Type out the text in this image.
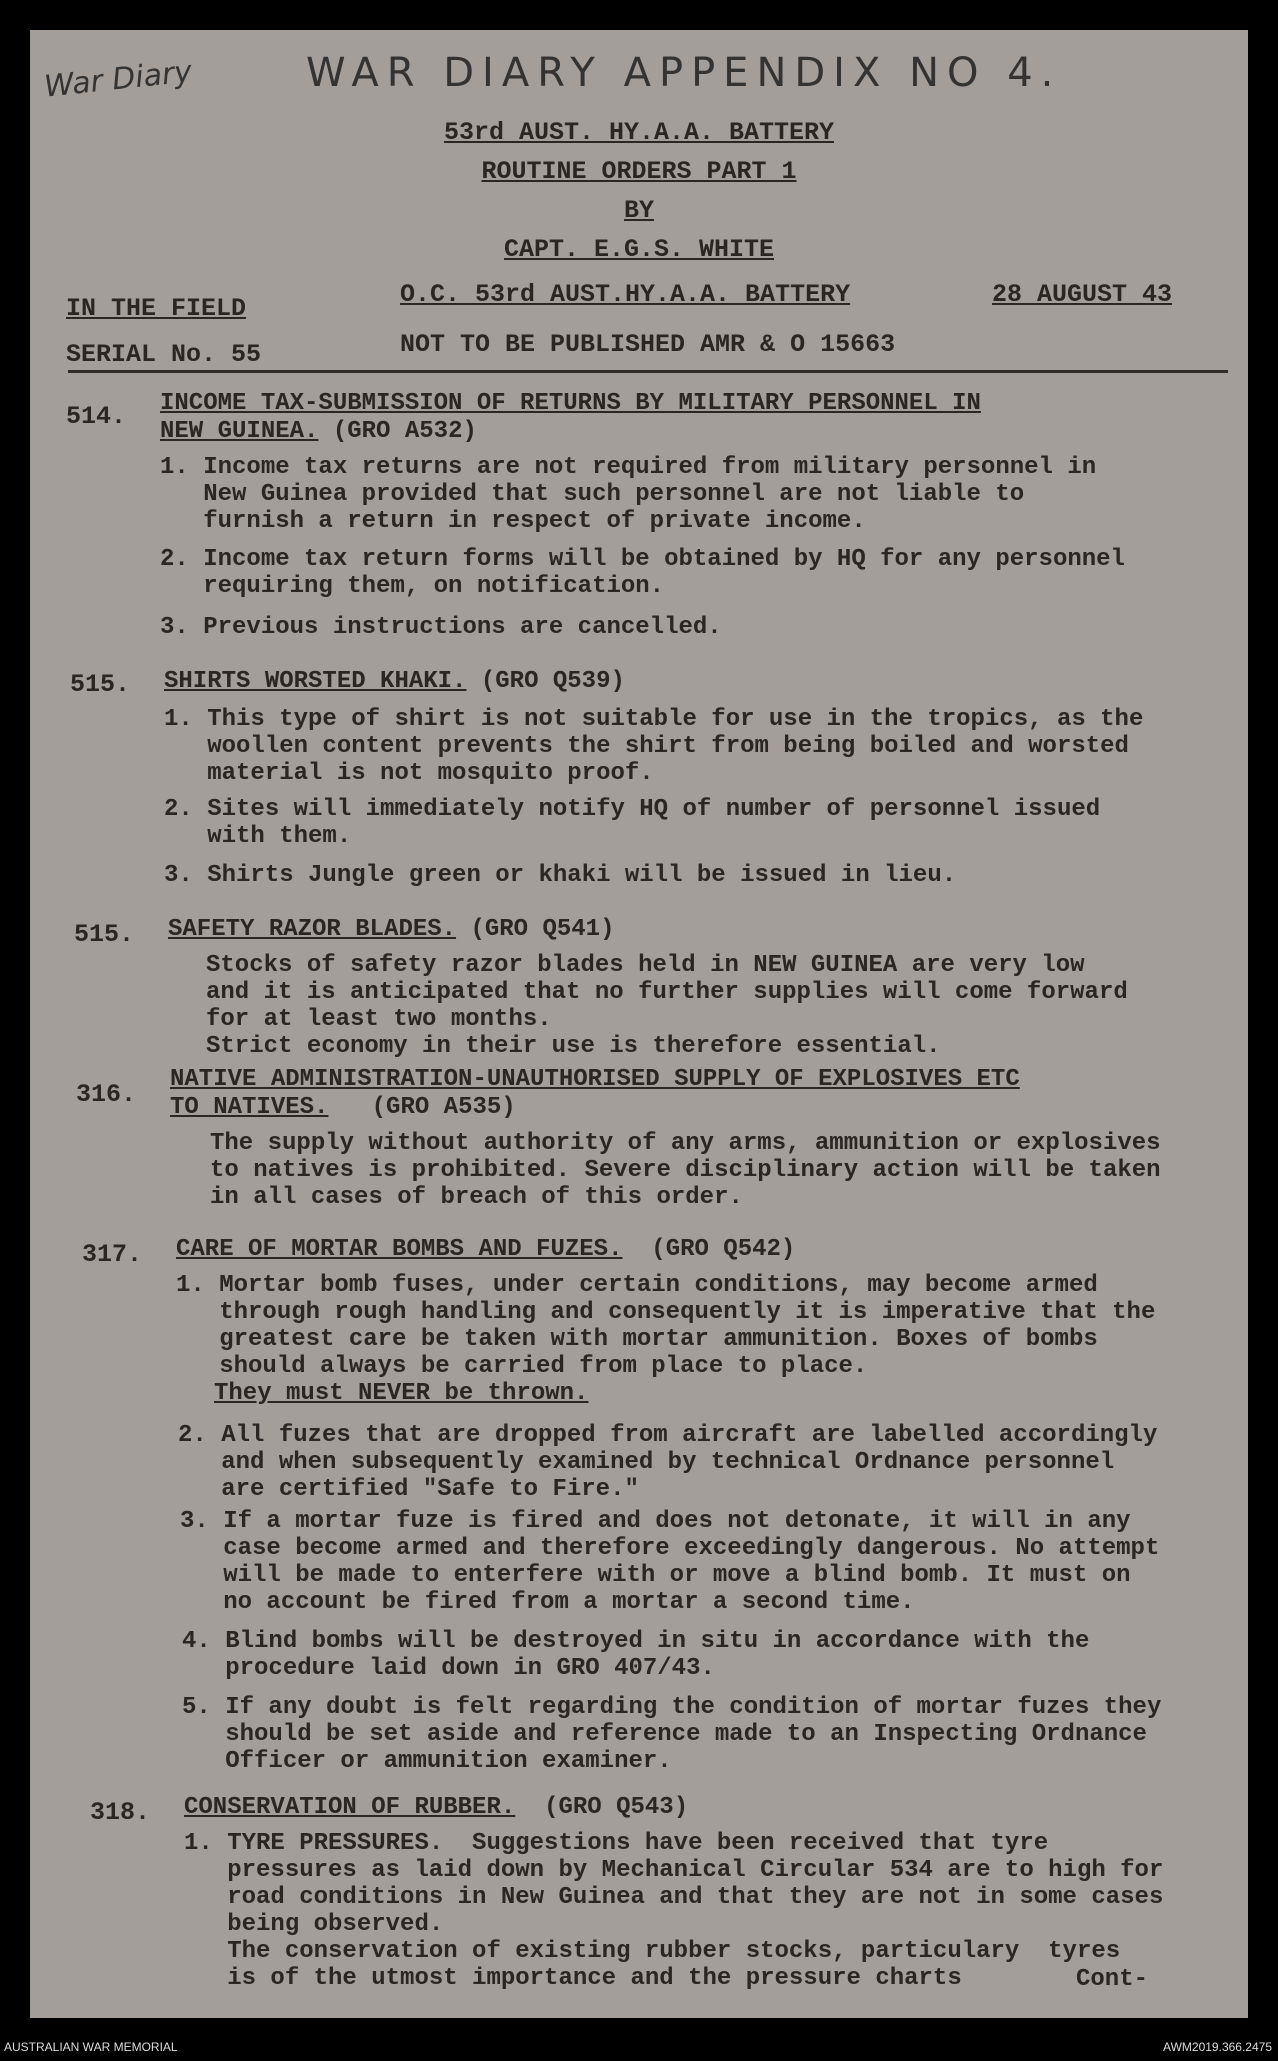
War Diary	WAR DIARY APPENDIX NO 4.
53rd AUST. HY.A.A. BATTERY
ROUTINE ORDERS PART 1
BY
CAPT. E.G.S. WHITE
IN THE FIELD	O.C. 53rd AUST.HY.A.A. BATTERY	28 AUGUST 43
SERIAL No. 55	NOT TO BE PUBLISHED AMR & O 15663
514. INCOME TAX-SUBMISSION OF RETURNS BY MILITARY PERSONNEL IN
NEW GUINEA. (GRO A532)
1. Income tax returns are not required from military personnel in
New Guinea provided that such personnel are not liable to
furnish a return in respect of private income.
2. Income tax return forms will be obtained by HQ for any personnel
requiring them, on notification.
3. Previous instructions are cancelled.
515. SHIRTS WORSTED KHAKI. (GRO Q539)
1. This type of shirt is not suitable for use in the tropics, as the
woollen content prevents the shirt from being boiled and worsted
material is not mosquito proof.
2. Sites will immediately notify HQ of number of personnel issued
with them.
3. Shirts Jungle green or khaki will be issued in lieu.
515. SAFETY RAZOR BLADES. (GRO Q541)
Stocks of safety razor blades held in NEW GUINEA are very low
and it is anticipated that no further supplies will come forward
for at least two months.
Strict economy in their use is therefore essential.
316.
NATIVE ADMINISTRATION-UNAUTHORISED SUPPLY OF EXPLOSIVES ETC
TO NATIVES. (GRO A535)
The supply without authority of any arms, ammunition or explosives
to natives is prohibited. Severe disciplinary action will be taken
in all cases of breach of this order.
317. CARE OF MORTAR BOMBS AND FUZES. (GRO Q542)
1. Mortar bomb fuses, under certain conditions, may become armed
through rough handling and consequently it is imperative that the
greatest care be taken with mortar ammunition. Boxes of bombs
should always be carried from place to place.
They must NEVER be thrown.
2. All fuzes that are dropped from aircraft are labelled accordingly
and when subsequently examined by technical Ordnance personnel
are certified "Safe to Fire."
3. If a mortar fuze is fired and does not detonate, it will in any
case become armed and therefore exceedingly dangerous. No attempt
will be made to enterfere with or move a blind bomb. It must on
no account be fired from a mortar a second time.
4. Blind bombs will be destroyed in situ in accordance with the
procedure laid down in GRO 407/43.
5. If any doubt is felt regarding the condition of mortar fuzes they
should be set aside and reference made to an Inspecting Ordnance
Officer or ammunition examiner.
318. CONSERVATION OF RUBBER. (GRO Q543)
1. TYRE PRESSURES.  Suggestions have been received that tyre
pressures as laid down by Mechanical Circular 534 are to high for
road conditions in New Guinea and that they are not in some cases
being observed.
The conservation of existing rubber stocks, particulary  tyres
is of the utmost importance and the pressure charts	Cont-
AUSTRALIAN WAR MEMORIAL	AWM2019.366.2475
